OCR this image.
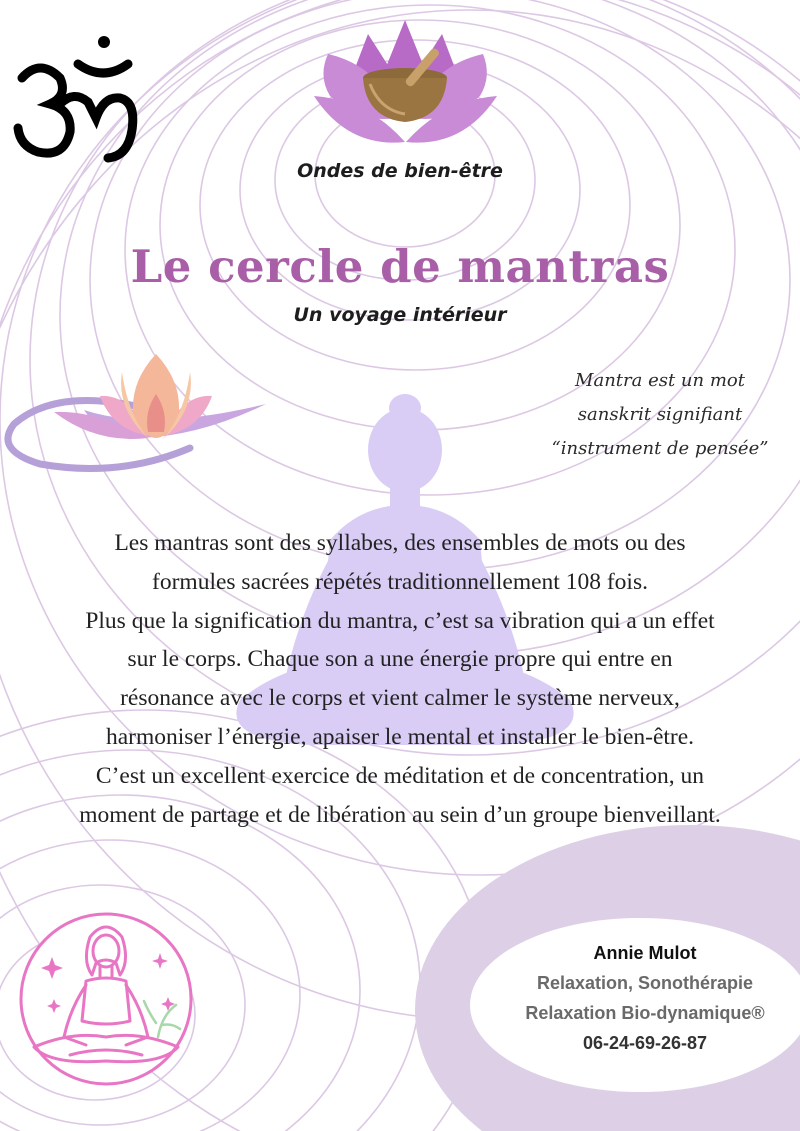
Ondes de bien-être
Le cercle de mantras
Un voyage intérieur
Mantra est un mot
sanskrit signifiant
“instrument de pensée”
Les mantras sont des syllabes, des ensembles de mots ou des
formules sacrées répétés traditionnellement 108 fois.
Plus que la signification du mantra, c’est sa vibration qui a un effet
sur le corps. Chaque son a une énergie propre qui entre en
résonance avec le corps et vient calmer le système nerveux,
harmoniser l’énergie, apaiser le mental et installer le bien-être.
C’est un excellent exercice de méditation et de concentration, un
moment de partage et de libération au sein d’un groupe bienveillant.
Annie Mulot
Relaxation, Sonothérapie
Relaxation Bio-dynamique®
06-24-69-26-87
